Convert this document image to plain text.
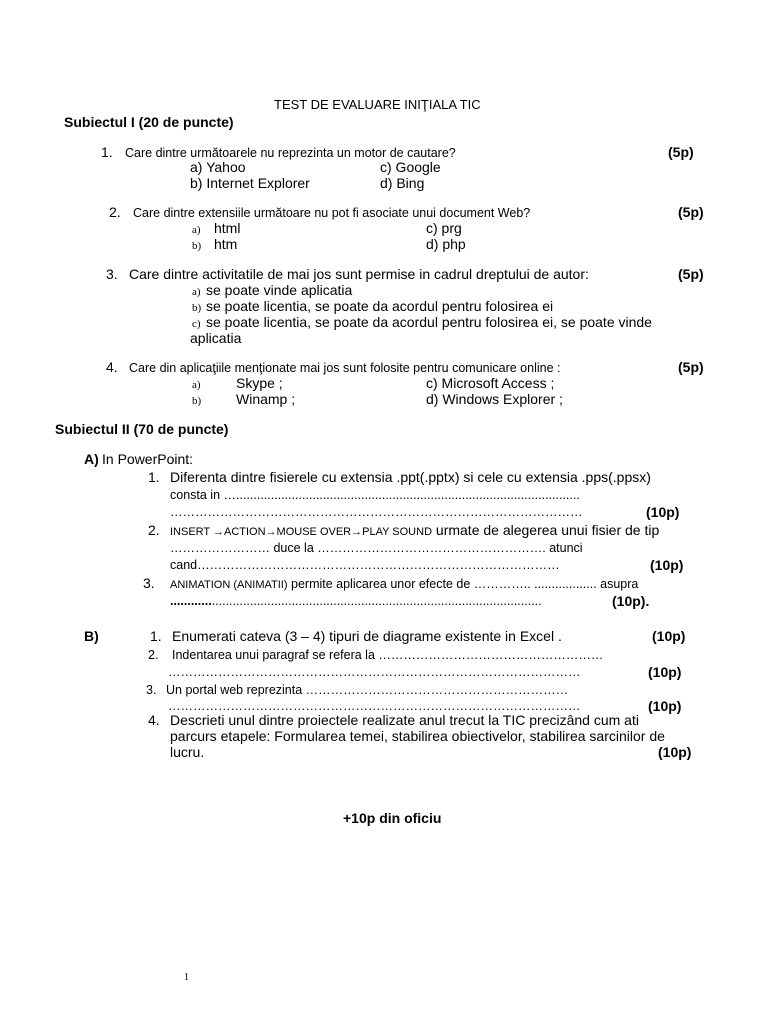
TEST DE EVALUARE INIŢIALA TIC
Subiectul I (20 de puncte)
1. Care dintre următoarele nu reprezinta un motor de cautare?	(5p)
a) Yahoo	c) Google
b) Internet Explorer	d) Bing
2. Care dintre extensiile următoare nu pot fi asociate unui document Web?	(5p)
a) html	c) prg
b) htm	d) php
3. Care dintre activitatile de mai jos sunt permise in cadrul dreptului de autor:	(5p)
a) se poate vinde aplicatia
b) se poate licentia, se poate da acordul pentru folosirea ei
c) se poate licentia, se poate da acordul pentru folosirea ei, se poate vinde
aplicatia
4. Care din aplicaţiile menţionate mai jos sunt folosite pentru comunicare online :	(5p)
a)	Skype ;	c) Microsoft Access ;
b) Winamp ;	d) Windows Explorer ;
Subiectul II (70 de puncte)
A) In PowerPoint:
1. Diferenta dintre fisierele cu extensia .ppt(.pptx) si cele cu extensia .pps(.ppsx)
consta in …...................................................................................................
………………………………………………………………………………………	(10p)
2. INSERT →ACTION→MOUSE OVER→PLAY SOUND urmate de alegerea unui fisier de tip
…………………… duce la ………………………………………………. atunci
cand……………………………………………………………………………	(10p)
3. ANIMATION (ANIMATII) permite aplicarea unor efecte de ………….. .................. asupra
...........................................................................................................	(10p).
B)	1. Enumerati cateva (3 – 4) tipuri de diagrame existente in Excel .	(10p)
2. Indentarea unui paragraf se refera la ………………………………………………
………………………………………………………………………………………	(10p)
3. Un portal web reprezinta ………………………………………………………
………………………………………………………………………………………	(10p)
4. Descrieti unul dintre proiectele realizate anul trecut la TIC precizând cum ati
parcurs etapele: Formularea temei, stabilirea obiectivelor, stabilirea sarcinilor de
lucru.	(10p)
+10p din oficiu
1
